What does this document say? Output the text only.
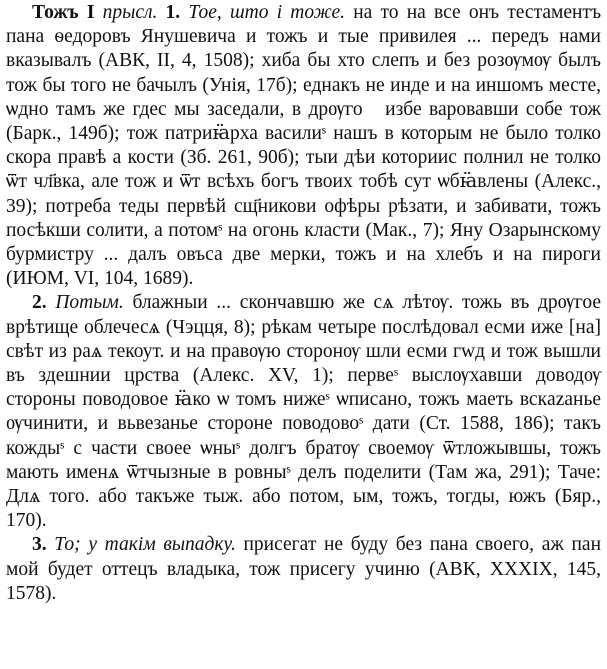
Тожъ I прысл. 1. Тое, што і тоже. на то на все онъ тестаментъ пана ѳедоровъ Янушевича и тожъ и тые привилея ... передъ нами вказывалъ (АВК, II, 4, 1508); хиба бы хто слепъ и без розѹмѹ былъ тож бы того не бачылъ (Унія, 17б); еднакъ не инде и на иншомъ месте, ѡдно тамъ же гдеc мы заседали, в дрѹгоⷨ избе варовавши собе тож (Барк., 149б); тож патриꙗ̈рха василиˢ нашъ в которым не было толко скора правѣ а кости (Зб. 261, 90б); тыи дѣи которииc полнил не толко ѿт чл҃вка, але тож и ѿт всѣхъ богъ твоиx тобѣ сут ѡбꙗ̈влены (Алекс., 39); потреба теды первѣй сщ҃никови офѣры рѣзати, и забивати, тожъ посѣкши солити, а потомˢ на огонь класти (Мак., 7); Яну Озарынскому бурмистру ... далъ овъса две мерки, тожъ и на хлебъ и на пироги (ИЮМ, VI, 104, 1689).

2. Потым. блажныи ... скончавшю же сѧ лѣтѹ. тожь въ дрѹгое врѣтище облечесѧ (Чэцця, 8); рѣкам четыре послѣдовал есми иже [на] свѣт из раѧ текоут. и на правѹю сторонѹ шли есми гwд и тож вышли въ здешнии црства (Алекс. XV, 1); первеˢ выслѹхавши доводѹ стороны поводовое ꙗ̈ко ѡ томъ нижеˢ ѡписано, тожъ маеть вскazанье ѹчинити, и вьвезанье стороне поводовоˢ дати (Ст. 1588, 186); такъ кождыˢ с части своее ѡныˢ долгъ братѹ своемѹ ѿтложывшы, тожъ мають именѧ ѿтчызные в ровныˢ делъ поделити (Там жа, 291); Таче: Длѧ того. або такъже тыж. або потом, ым, тожъ, тогды, южъ (Бяр., 170).

3. То; у такім выпадку. присегат не буду без пана своего, аж пан мой будет оттецъ владыка, тож присегу учиню (АВК, XXXIX, 145, 1578).
